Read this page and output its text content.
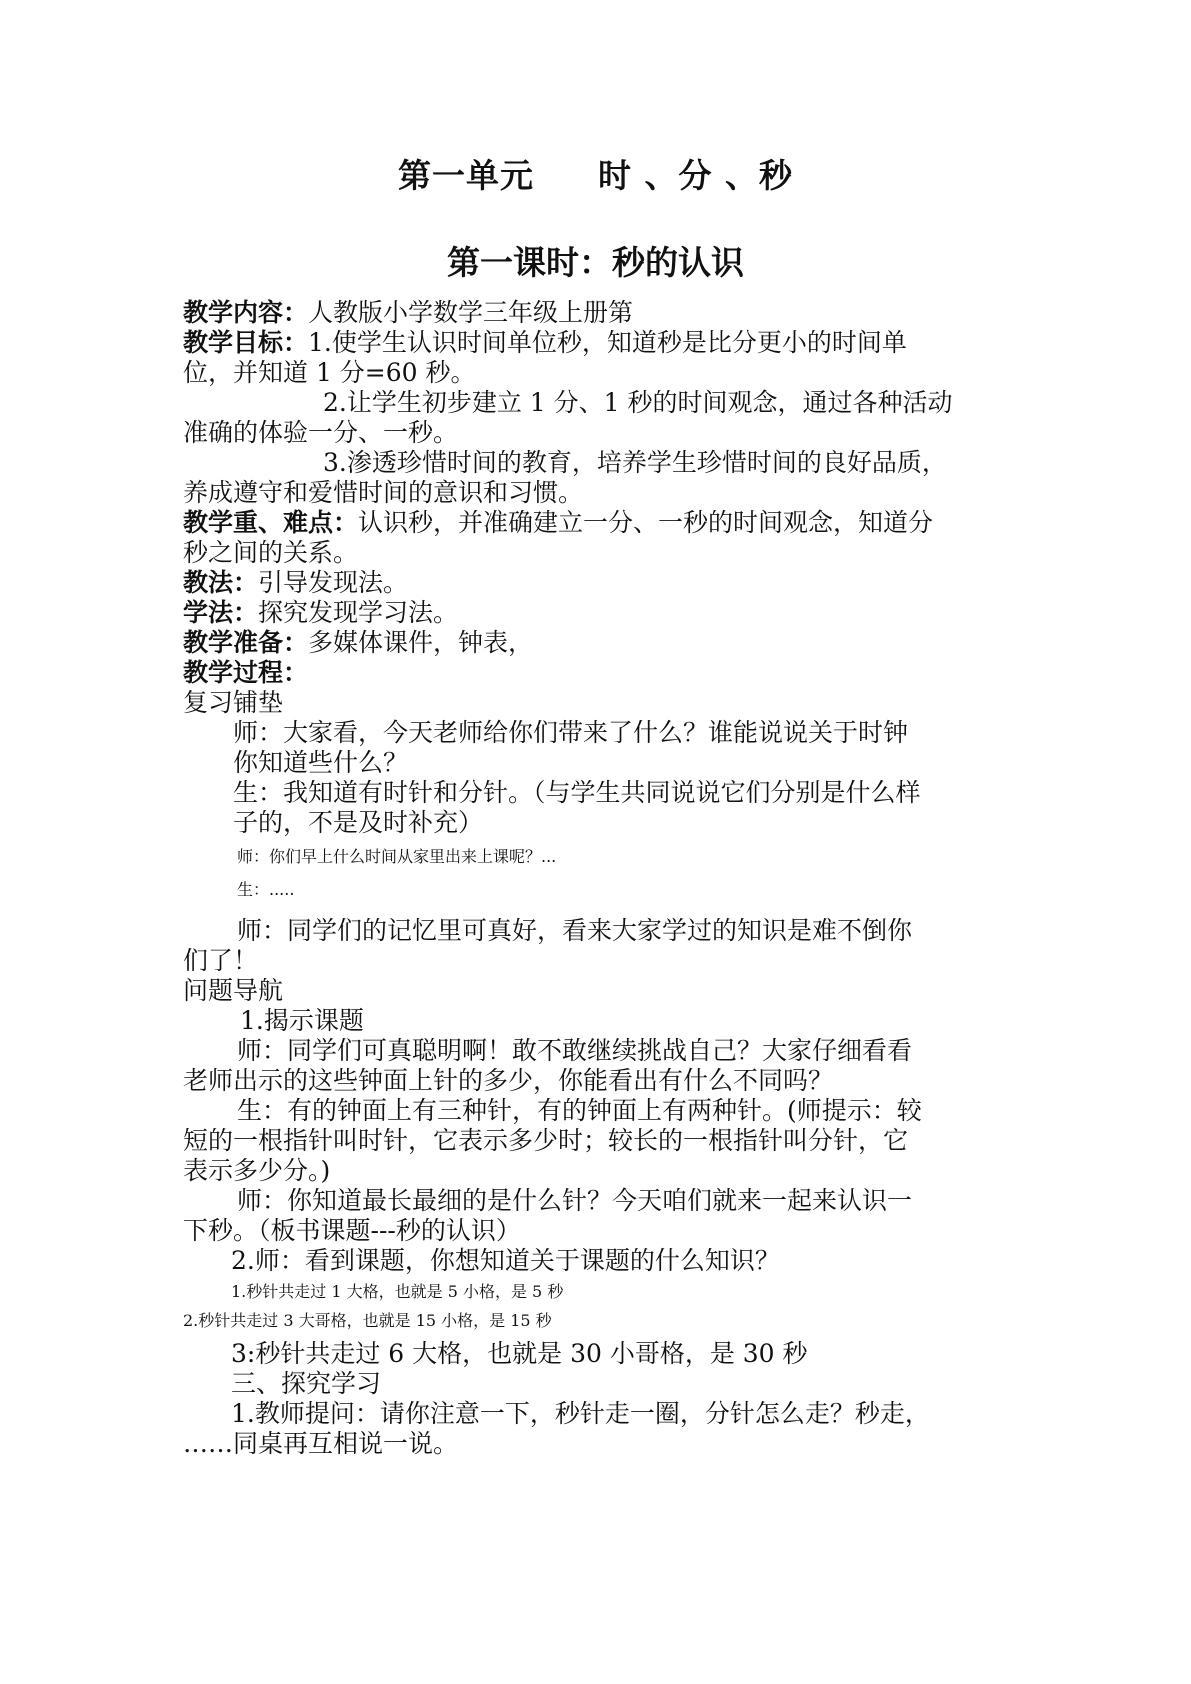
第一单元 时 、分 、秒
第一课时：秒的认识
教学内容：人教版小学数学三年级上册第
教学目标：1.使学生认识时间单位秒，知道秒是比分更小的时间单
位，并知道 1 分=60 秒。
2.让学生初步建立 1 分、1 秒的时间观念，通过各种活动
准确的体验一分、一秒。
3.渗透珍惜时间的教育，培养学生珍惜时间的良好品质，
养成遵守和爱惜时间的意识和习惯。
教学重、难点：认识秒，并准确建立一分、一秒的时间观念，知道分
秒之间的关系。
教法：引导发现法。
学法：探究发现学习法。
教学准备：多媒体课件，钟表，
教学过程：
复习铺垫
师：大家看，今天老师给你们带来了什么？谁能说说关于时钟
你知道些什么？
生：我知道有时针和分针。（与学生共同说说它们分别是什么样
子的，不是及时补充）
师：你们早上什么时间从家里出来上课呢？...
生：.....
师：同学们的记忆里可真好，看来大家学过的知识是难不倒你
们了！
问题导航
1.揭示课题
师：同学们可真聪明啊！敢不敢继续挑战自己？大家仔细看看
老师出示的这些钟面上针的多少，你能看出有什么不同吗？
生：有的钟面上有三种针，有的钟面上有两种针。(师提示：较
短的一根指针叫时针，它表示多少时；较长的一根指针叫分针，它
表示多少分。)
师：你知道最长最细的是什么针？今天咱们就来一起来认识一
下秒。（板书课题---秒的认识）
2.师：看到课题，你想知道关于课题的什么知识？
1.秒针共走过 1 大格，也就是 5 小格，是 5 秒
2.秒针共走过 3 大哥格，也就是 15 小格，是 15 秒
3:秒针共走过 6 大格，也就是 30 小哥格，是 30 秒
三、探究学习
1.教师提问：请你注意一下，秒针走一圈，分针怎么走？秒走，
……同桌再互相说一说。
